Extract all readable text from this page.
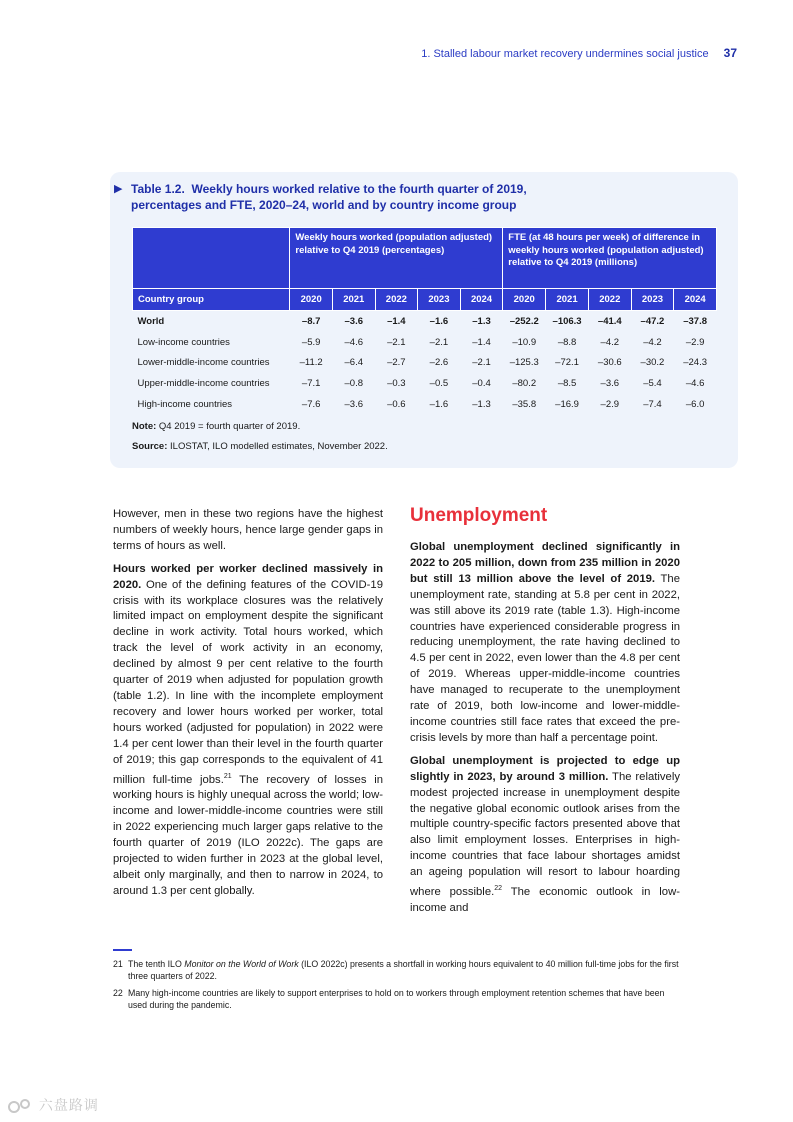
1. Stalled labour market recovery undermines social justice 37
▶ Table 1.2. Weekly hours worked relative to the fourth quarter of 2019, percentages and FTE, 2020–24, world and by country income group
	Weekly hours worked (population adjusted) relative to Q4 2019 (percentages)					FTE (at 48 hours per week) of difference in weekly hours worked (population adjusted) relative to Q4 2019 (millions)				
Country group	2020	2021	2022	2023	2024	2020	2021	2022	2023	2024
World	–8.7	–3.6	–1.4	–1.6	–1.3	–252.2	–106.3	–41.4	–47.2	–37.8
Low-income countries	–5.9	–4.6	–2.1	–2.1	–1.4	–10.9	–8.8	–4.2	–4.2	–2.9
Lower-middle-income countries	–11.2	–6.4	–2.7	–2.6	–2.1	–125.3	–72.1	–30.6	–30.2	–24.3
Upper-middle-income countries	–7.1	–0.8	–0.3	–0.5	–0.4	–80.2	–8.5	–3.6	–5.4	–4.6
High-income countries	–7.6	–3.6	–0.6	–1.6	–1.3	–35.8	–16.9	–2.9	–7.4	–6.0
Note: Q4 2019 = fourth quarter of 2019.
Source: ILOSTAT, ILO modelled estimates, November 2022.

However, men in these two regions have the highest numbers of weekly hours, hence large gender gaps in terms of hours as well.

Hours worked per worker declined massively in 2020. One of the defining features of the COVID-19 crisis with its workplace closures was the relatively limited impact on employment despite the significant decline in work activity. Total hours worked, which track the level of work activity in an economy, declined by almost 9 per cent relative to the fourth quarter of 2019 when adjusted for population growth (table 1.2). In line with the incomplete employment recovery and lower hours worked per worker, total hours worked (adjusted for population) in 2022 were 1.4 per cent lower than their level in the fourth quarter of 2019; this gap corresponds to the equivalent of 41 million full-time jobs.$^{21}$ The recovery of losses in working hours is highly unequal across the world; low-income and lower-middle-income countries were still in 2022 experiencing much larger gaps relative to the fourth quarter of 2019 (ILO 2022c). The gaps are projected to widen further in 2023 at the global level, albeit only marginally, and then to narrow in 2024, to around 1.3 per cent globally.

Unemployment

Global unemployment declined significantly in 2022 to 205 million, down from 235 million in 2020 but still 13 million above the level of 2019. The unemployment rate, standing at 5.8 per cent in 2022, was still above its 2019 rate (table 1.3). High-income countries have experienced considerable progress in reducing unemployment, the rate having declined to 4.5 per cent in 2022, even lower than the 4.8 per cent of 2019. Whereas upper-middle-income countries have managed to recuperate to the unemployment rate of 2019, both low-income and lower-middle-income countries still face rates that exceed the pre-crisis levels by more than half a percentage point.

Global unemployment is projected to edge up slightly in 2023, by around 3 million. The relatively modest projected increase in unemployment despite the negative global economic outlook arises from the multiple country-specific factors presented above that also limit employment losses. Enterprises in high-income countries that face labour shortages amidst an ageing population will resort to labour hoarding where possible.$^{22}$ The economic outlook in low-income and

21 The tenth ILO Monitor on the World of Work (ILO 2022c) presents a shortfall in working hours equivalent to 40 million full-time jobs for the first three quarters of 2022.
22 Many high-income countries are likely to support enterprises to hold on to workers through employment retention schemes that have been used during the pandemic.
六盘路调
